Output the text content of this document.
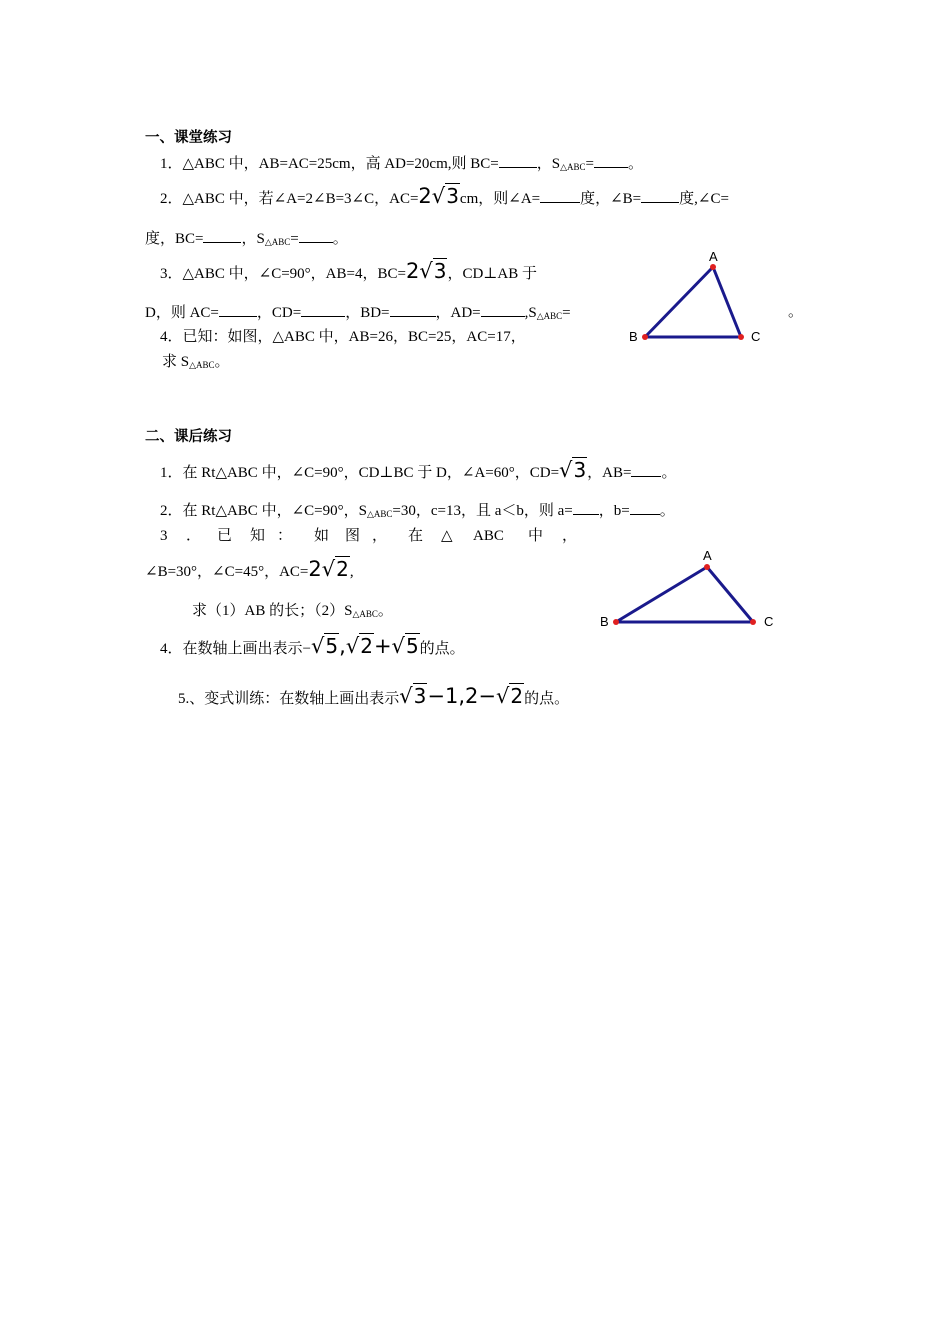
一、课堂练习
1．△ABC 中，AB=AC=25cm，高 AD=20cm,则 BC=	，$S_{\triangle ABC}=$ 。
2．△ABC 中，若∠A=2∠B=3∠C，AC=2√3cm，则∠A=	度，∠B=	度,∠C=
度，BC=	，$S_{\triangle ABC}=$ 。
3．△ABC 中，∠C=90°，AB=4，BC=2√3，CD⊥AB 于
D，则 AC=	，CD=	，BD=	，AD=	$,S_{\triangle ABC}=$	。
4．已知：如图，△ABC 中，AB=26，BC=25，AC=17，
求 $S_{\triangle ABC}$。
A
B	C
二、课后练习
1．在 Rt△ABC 中，∠C=90°，CD⊥BC 于 D，∠A=60°，CD=√3，AB= 。
2．在 Rt△ABC 中，∠C=90°，$S_{\triangle ABC}=30$，c=13，且 a＜b，则 a= ，b= 。
3 ． 已 知 ： 如 图 ， 在 △ ABC 中 ，
∠B=30°，∠C=45°，AC=2√2,
求（1）AB 的长；$(2)S_{\triangle ABC}$。
4．在数轴上画出表示−√5,√2+√5的点。
5.、变式训练：在数轴上画出表示√3−1,2−√2的点。
A
B	C
